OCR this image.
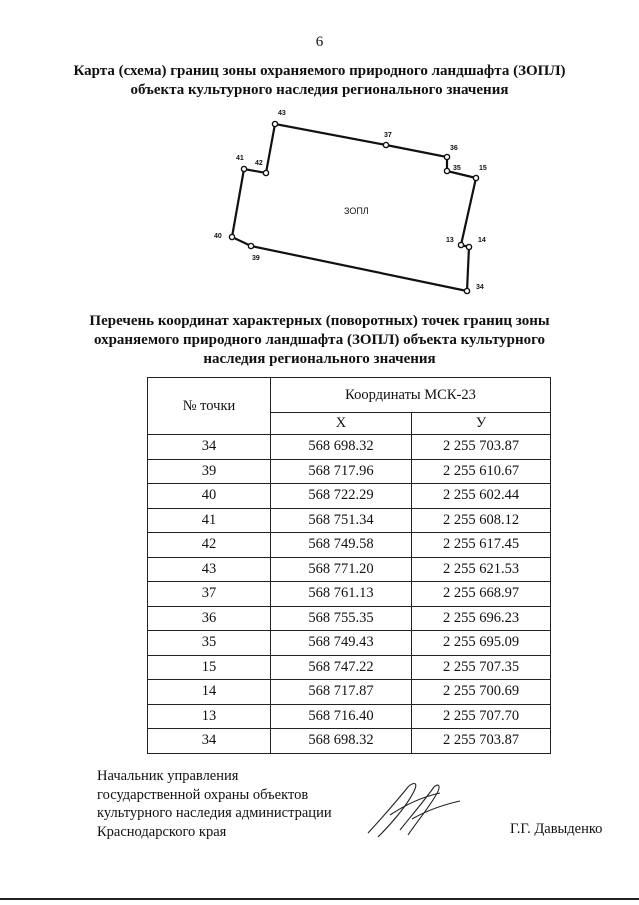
6
Карта (схема) границ зоны охраняемого природного ландшафта (ЗОПЛ)
объекта культурного наследия регионального значения
43
37
36
35	15
14
13
34
39
40
41
42
ЗОПЛ
Перечень координат характерных (поворотных) точек границ зоны
охраняемого природного ландшафта (ЗОПЛ) объекта культурного
наследия регионального значения
№ точки	Координаты МСК-23	
	Х	У
34	568 698.32	2 255 703.87
39	568 717.96	2 255 610.67
40	568 722.29	2 255 602.44
41	568 751.34	2 255 608.12
42	568 749.58	2 255 617.45
43	568 771.20	2 255 621.53
37	568 761.13	2 255 668.97
36	568 755.35	2 255 696.23
35	568 749.43	2 255 695.09
15	568 747.22	2 255 707.35
14	568 717.87	2 255 700.69
13	568 716.40	2 255 707.70
34	568 698.32	2 255 703.87
Начальник управления
государственной охраны объектов
культурного наследия администрации
Краснодарского края	Г.Г. Давыденко
